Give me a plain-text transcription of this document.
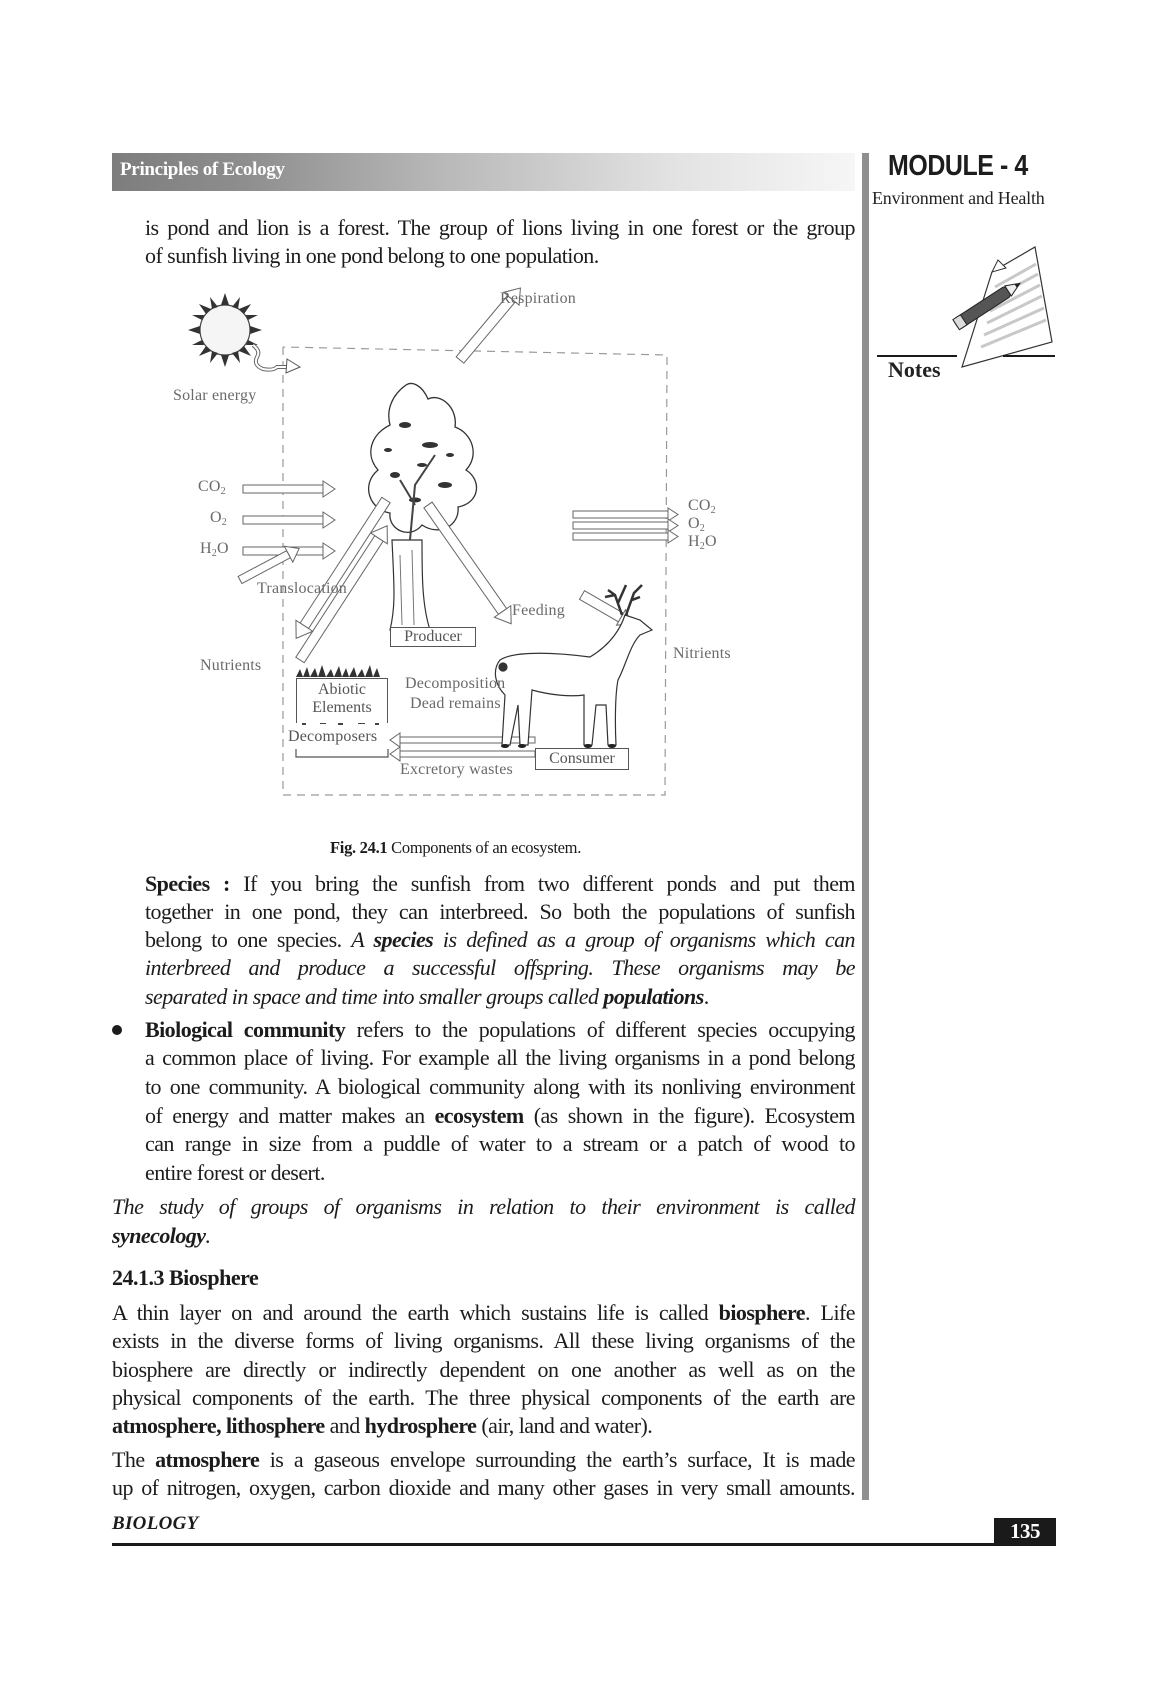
Principles of Ecology	MODULE - 4
Environment and Health
Notes
is pond and lion is a forest. The group of lions living in one forest or the group
of sunfish living in one pond belong to one population.
Respiration
Solar energy
$CO_2$
$O_2$
$H_2O$
$CO_2$
$O_2$
$H_2O$
Translocation
Nutrients
Feeding
Nitrients
Producer
Abiotic
Elements
Decomposers
Decomposition
Dead remains
Consumer
Excretory wastes
Fig. 24.1 Components of an ecosystem.
Species : If you bring the sunfish from two different ponds and put them
together in one pond, they can interbreed. So both the populations of sunfish
belong to one species. A species is defined as a group of organisms which can
interbreed and produce a successful offspring. These organisms may be
separated in space and time into smaller groups called populations.
Biological community refers to the populations of different species occupying
a common place of living. For example all the living organisms in a pond belong
to one community. A biological community along with its nonliving environment
of energy and matter makes an ecosystem (as shown in the figure). Ecosystem
can range in size from a puddle of water to a stream or a patch of wood to
entire forest or desert.
The study of groups of organisms in relation to their environment is called
synecology.
24.1.3 Biosphere
A thin layer on and around the earth which sustains life is called biosphere. Life
exists in the diverse forms of living organisms. All these living organisms of the
biosphere are directly or indirectly dependent on one another as well as on the
physical components of the earth. The three physical components of the earth are
atmosphere, lithosphere and hydrosphere (air, land and water).
The atmosphere is a gaseous envelope surrounding the earth’s surface, It is made
up of nitrogen, oxygen, carbon dioxide and many other gases in very small amounts.
BIOLOGY	135
